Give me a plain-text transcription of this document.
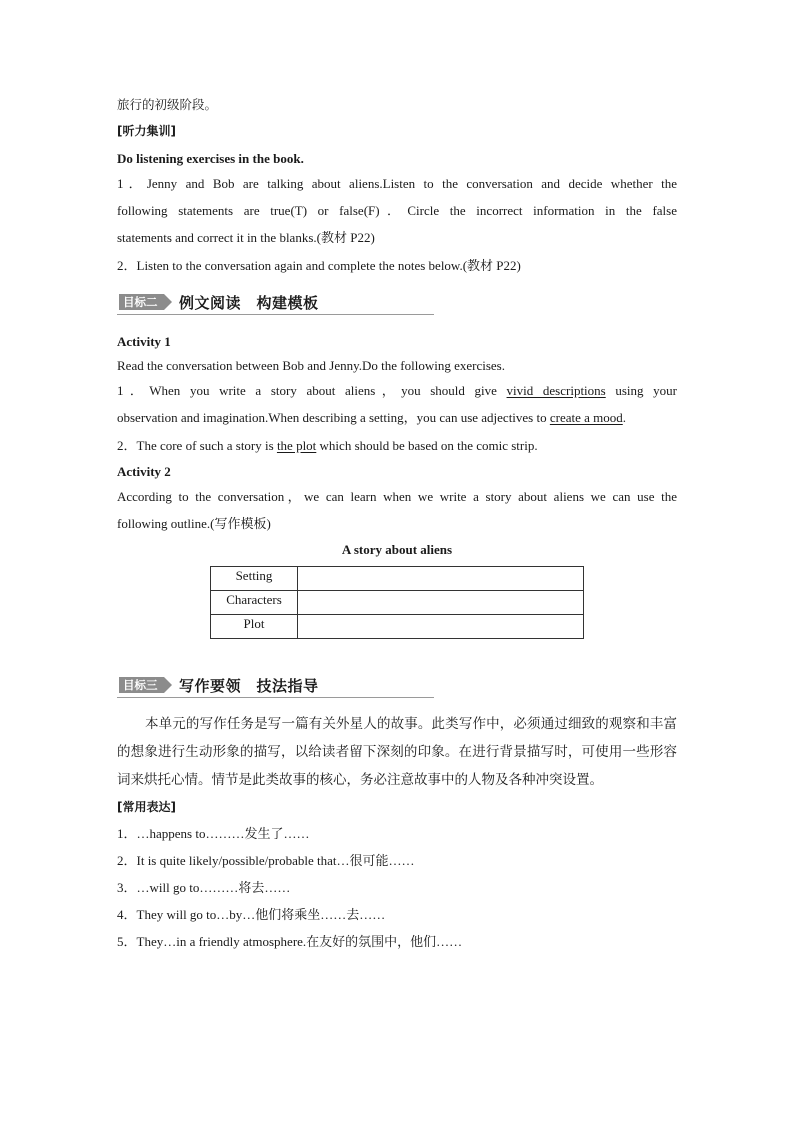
旅行的初级阶段。
[听力集训]
Do listening exercises in the book.
1．Jenny and Bob are talking about aliens.Listen to the conversation and decide whether the
following statements are true(T) or false(F)．Circle the incorrect information in the false
statements and correct it in the blanks.(教材 P22)
2．Listen to the conversation again and complete the notes below.(教材 P22)
目标二	例文阅读　构建模板
Activity 1
Read the conversation between Bob and Jenny.Do the following exercises.
1．When you write a story about aliens，you should give vivid descriptions using your
observation and imagination.When describing a setting，you can use adjectives to create a mood.
2．The core of such a story is the plot which should be based on the comic strip.
Activity 2
According to the conversation，we can learn when we write a story about aliens we can use the
following outline.(写作模板)
A story about aliens
Setting	
Characters	
Plot	
目标三	写作要领　技法指导
本单元的写作任务是写一篇有关外星人的故事。此类写作中，必须通过细致的观察和丰富的想象进行生动形象的描写，以给读者留下深刻的印象。在进行背景描写时，可使用一些形容词来烘托心情。情节是此类故事的核心，务必注意故事中的人物及各种冲突设置。
[常用表达]
1．…happens to………发生了……
2．It is quite likely/possible/probable that…很可能……
3．…will go to………将去……
4．They will go to…by…他们将乘坐……去……
5．They…in a friendly atmosphere.在友好的氛围中，他们……
